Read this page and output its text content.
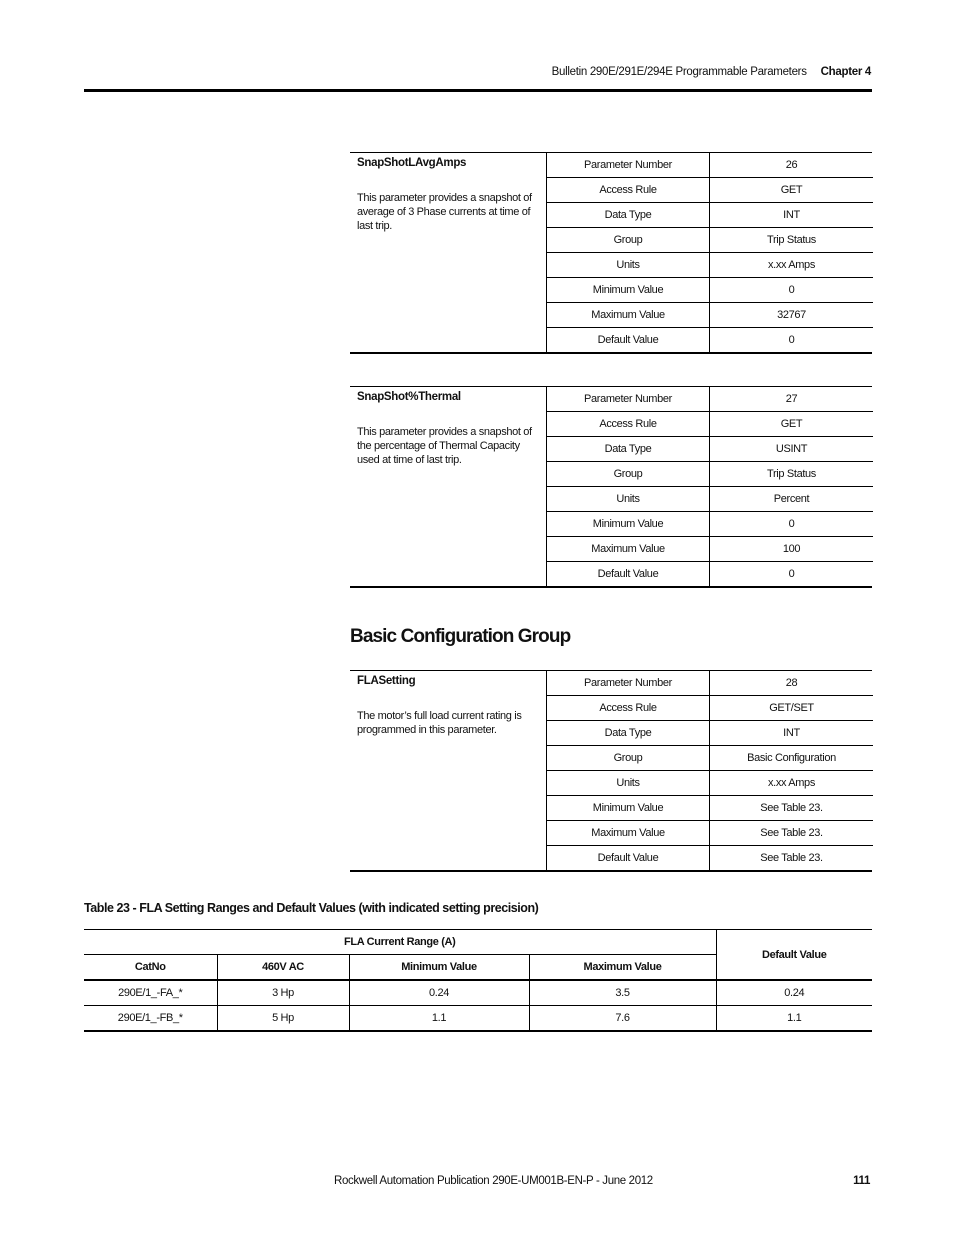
Bulletin 290E/291E/294E Programmable Parameters Chapter 4
SnapShotLAvgAmps
This parameter provides a snapshot of average of 3 Phase currents at time of last trip.
Parameter Number	26
Access Rule	GET
Data Type	INT
Group	Trip Status
Units	x.xx Amps
Minimum Value	0
Maximum Value	32767
Default Value	0
SnapShot%Thermal
This parameter provides a snapshot of the percentage of Thermal Capacity used at time of last trip.
Parameter Number	27
Access Rule	GET
Data Type	USINT
Group	Trip Status
Units	Percent
Minimum Value	0
Maximum Value	100
Default Value	0
Basic Configuration Group
FLASetting
The motor’s full load current rating is programmed in this parameter.
Parameter Number	28
Access Rule	GET/SET
Data Type	INT
Group	Basic Configuration
Units	x.xx Amps
Minimum Value	See Table 23.
Maximum Value	See Table 23.
Default Value	See Table 23.
Table 23 - FLA Setting Ranges and Default Values (with indicated setting precision)
FLA Current Range (A)				Default Value
CatNo	460V AC	Minimum Value	Maximum Value	
290E/1_-FA_*	3 Hp	0.24	3.5	0.24
290E/1_-FB_*	5 Hp	1.1	7.6	1.1
Rockwell Automation Publication 290E-UM001B-EN-P - June 2012	111
